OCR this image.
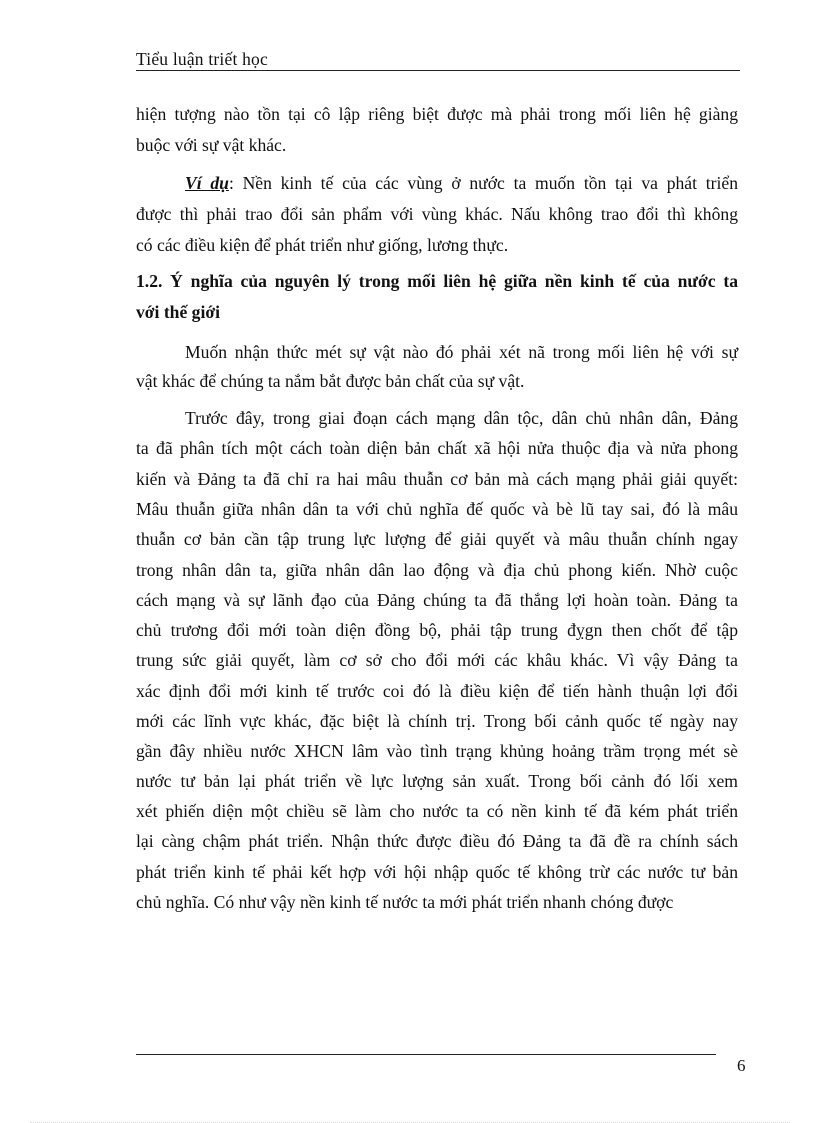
Tiểu luận triết học
hiện tượng nào tồn tại cô lập riêng biệt được mà phải trong mối liên hệ giàng
buộc với sự vật khác.
Ví dụ: Nền kinh tế của các vùng ở nước ta muốn tồn tại va phát triển
được thì phải trao đổi sản phẩm với vùng khác. Nấu không trao đổi thì không
có các điều kiện để phát triển như giống, lương thực.
1.2. Ý nghĩa của nguyên lý trong mối liên hệ giữa nền kinh tế của nước ta
với thế giới
Muốn nhận thức mét sự vật nào đó phải xét nã trong mối liên hệ với sự
vật khác để chúng ta nắm bắt được bản chất của sự vật.
Trước đây, trong giai đoạn cách mạng dân tộc, dân chủ nhân dân, Đảng
ta đã phân tích một cách toàn diện bản chất xã hội nửa thuộc địa và nửa phong
kiến và Đảng ta đã chỉ ra hai mâu thuẫn cơ bản mà cách mạng phải giải quyết:
Mâu thuẫn giữa nhân dân ta với chủ nghĩa đế quốc và bè lũ tay sai, đó là mâu
thuẫn cơ bản cần tập trung lực lượng để giải quyết và mâu thuẫn chính ngay
trong nhân dân ta, giữa nhân dân lao động và địa chủ phong kiến. Nhờ cuộc
cách mạng và sự lãnh đạo của Đảng chúng ta đã thắng lợi hoàn toàn. Đảng ta
chủ trương đổi mới toàn diện đồng bộ, phải tập trung đỵgn then chốt để tập
trung sức giải quyết, làm cơ sở cho đổi mới các khâu khác. Vì vậy Đảng ta
xác định đổi mới kinh tế trước coi đó là điều kiện để tiến hành thuận lợi đổi
mới các lĩnh vực khác, đặc biệt là chính trị. Trong bối cảnh quốc tế ngày nay
gần đây nhiều nước XHCN lâm vào tình trạng khủng hoảng trầm trọng mét sè
nước tư bản lại phát triển về lực lượng sản xuất. Trong bối cảnh đó lối xem
xét phiến diện một chiều sẽ làm cho nước ta có nền kinh tế đã kém phát triển
lại càng chậm phát triển. Nhận thức được điều đó Đảng ta đã đề ra chính sách
phát triển kinh tế phải kết hợp với hội nhập quốc tế không trừ các nước tư bản
chủ nghĩa. Có như vậy nền kinh tế nước ta mới phát triển nhanh chóng được
6
